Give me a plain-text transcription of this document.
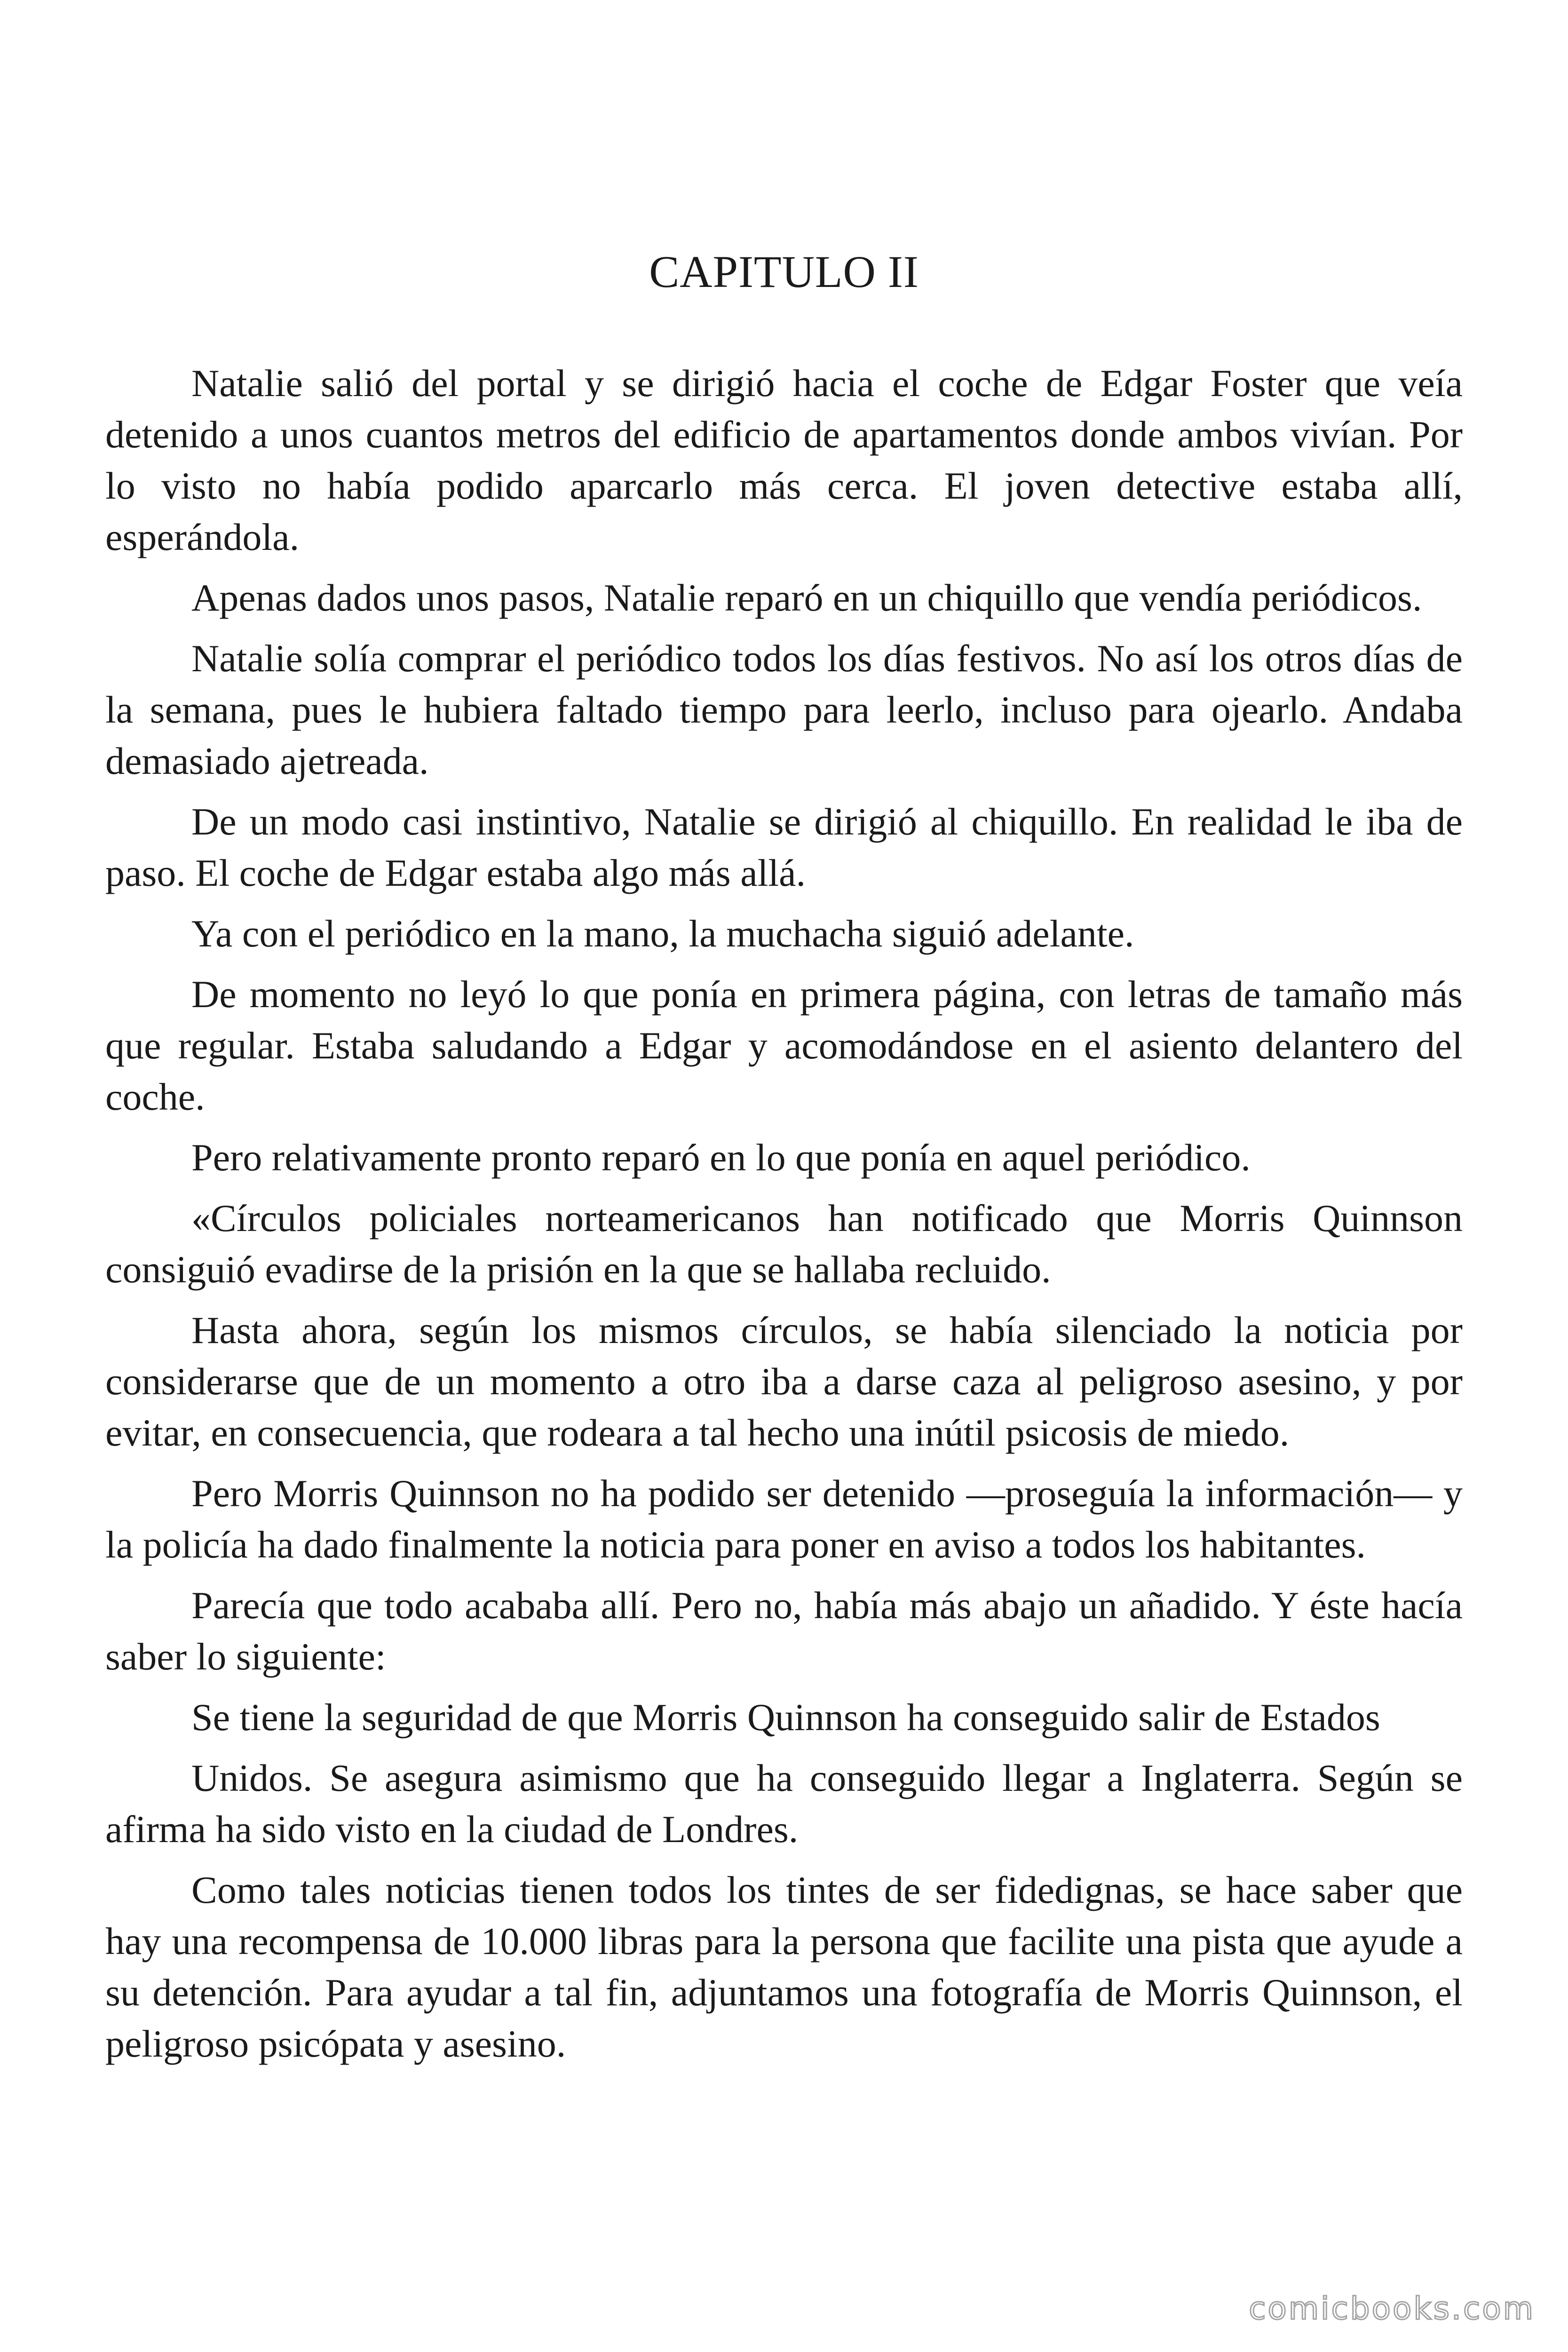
CAPITULO II

Natalie salió del portal y se dirigió hacia el coche de Edgar Foster que veía detenido a unos cuantos metros del edificio de apartamentos donde ambos vivían. Por lo visto no había podido aparcarlo más cerca. El joven detective estaba allí, esperándola.

Apenas dados unos pasos, Natalie reparó en un chiquillo que vendía periódicos.

Natalie solía comprar el periódico todos los días festivos. No así los otros días de la semana, pues le hubiera faltado tiempo para leerlo, incluso para ojearlo. Andaba demasiado ajetreada.

De un modo casi instintivo, Natalie se dirigió al chiquillo. En realidad le iba de paso. El coche de Edgar estaba algo más allá.

Ya con el periódico en la mano, la muchacha siguió adelante.

De momento no leyó lo que ponía en primera página, con letras de tamaño más que regular. Estaba saludando a Edgar y acomodándose en el asiento delantero del coche.

Pero relativamente pronto reparó en lo que ponía en aquel periódico.

«Círculos policiales norteamericanos han notificado que Morris Quinnson consiguió evadirse de la prisión en la que se hallaba recluido.

Hasta ahora, según los mismos círculos, se había silenciado la noticia por considerarse que de un momento a otro iba a darse caza al peligroso asesino, y por evitar, en consecuencia, que rodeara a tal hecho una inútil psicosis de miedo.

Pero Morris Quinnson no ha podido ser detenido —proseguía la información— y la policía ha dado finalmente la noticia para poner en aviso a todos los habitantes.

Parecía que todo acababa allí. Pero no, había más abajo un añadido. Y éste hacía saber lo siguiente:

Se tiene la seguridad de que Morris Quinnson ha conseguido salir de Estados

Unidos. Se asegura asimismo que ha conseguido llegar a Inglaterra. Según se afirma ha sido visto en la ciudad de Londres.

Como tales noticias tienen todos los tintes de ser fidedignas, se hace saber que hay una recompensa de 10.000 libras para la persona que facilite una pista que ayude a su detención. Para ayudar a tal fin, adjuntamos una fotografía de Morris Quinnson, el peligroso psicópata y asesino.

comicbooks.com
